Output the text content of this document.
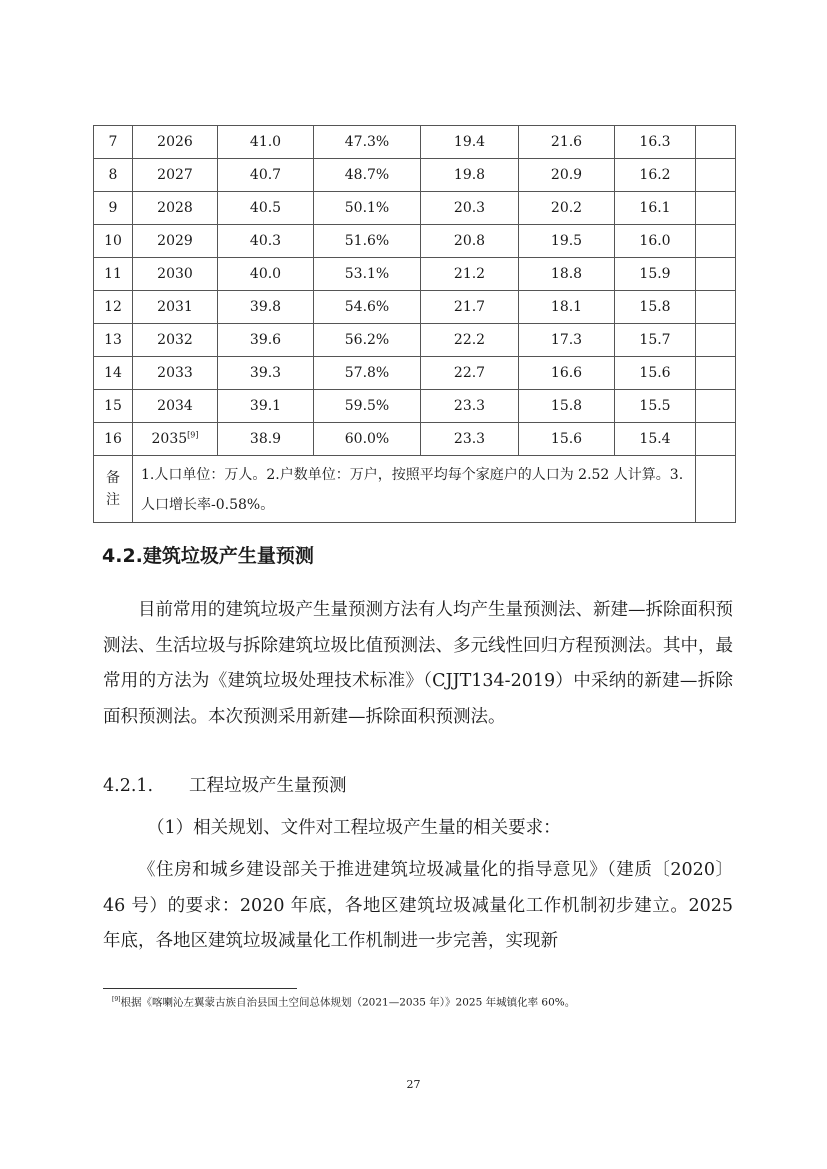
7	2026	41.0	47.3%	19.4	21.6	16.3	
8	2027	40.7	48.7%	19.8	20.9	16.2	
9	2028	40.5	50.1%	20.3	20.2	16.1	
10	2029	40.3	51.6%	20.8	19.5	16.0	
11	2030	40.0	53.1%	21.2	18.8	15.9	
12	2031	39.8	54.6%	21.7	18.1	15.8	
13	2032	39.6	56.2%	22.2	17.3	15.7	
14	2033	39.3	57.8%	22.7	16.6	15.6	
15	2034	39.1	59.5%	23.3	15.8	15.5	
16	2035[9]	38.9	60.0%	23.3	15.6	15.4	
备
注	1.人口单位：万人。2.户数单位：万户，按照平均每个家庭户的人口为 2.52 人计算。3.人口增长率-0.58%。						
4.2.建筑垃圾产生量预测

目前常用的建筑垃圾产生量预测方法有人均产生量预测法、新建—拆除面积预测法、生活垃圾与拆除建筑垃圾比值预测法、多元线性回归方程预测法。其中，最常用的方法为《建筑垃圾处理技术标准》（CJJT134-2019）中采纳的新建—拆除面积预测法。本次预测采用新建—拆除面积预测法。

4.2.1. 工程垃圾产生量预测
（1）相关规划、文件对工程垃圾产生量的相关要求：

《住房和城乡建设部关于推进建筑垃圾减量化的指导意见》（建质〔2020〕46 号）的要求：2020 年底，各地区建筑垃圾减量化工作机制初步建立。2025 年底，各地区建筑垃圾减量化工作机制进一步完善，实现新

[9]根据《喀喇沁左翼蒙古族自治县国土空间总体规划（2021—2035 年）》2025 年城镇化率 60%。
27
